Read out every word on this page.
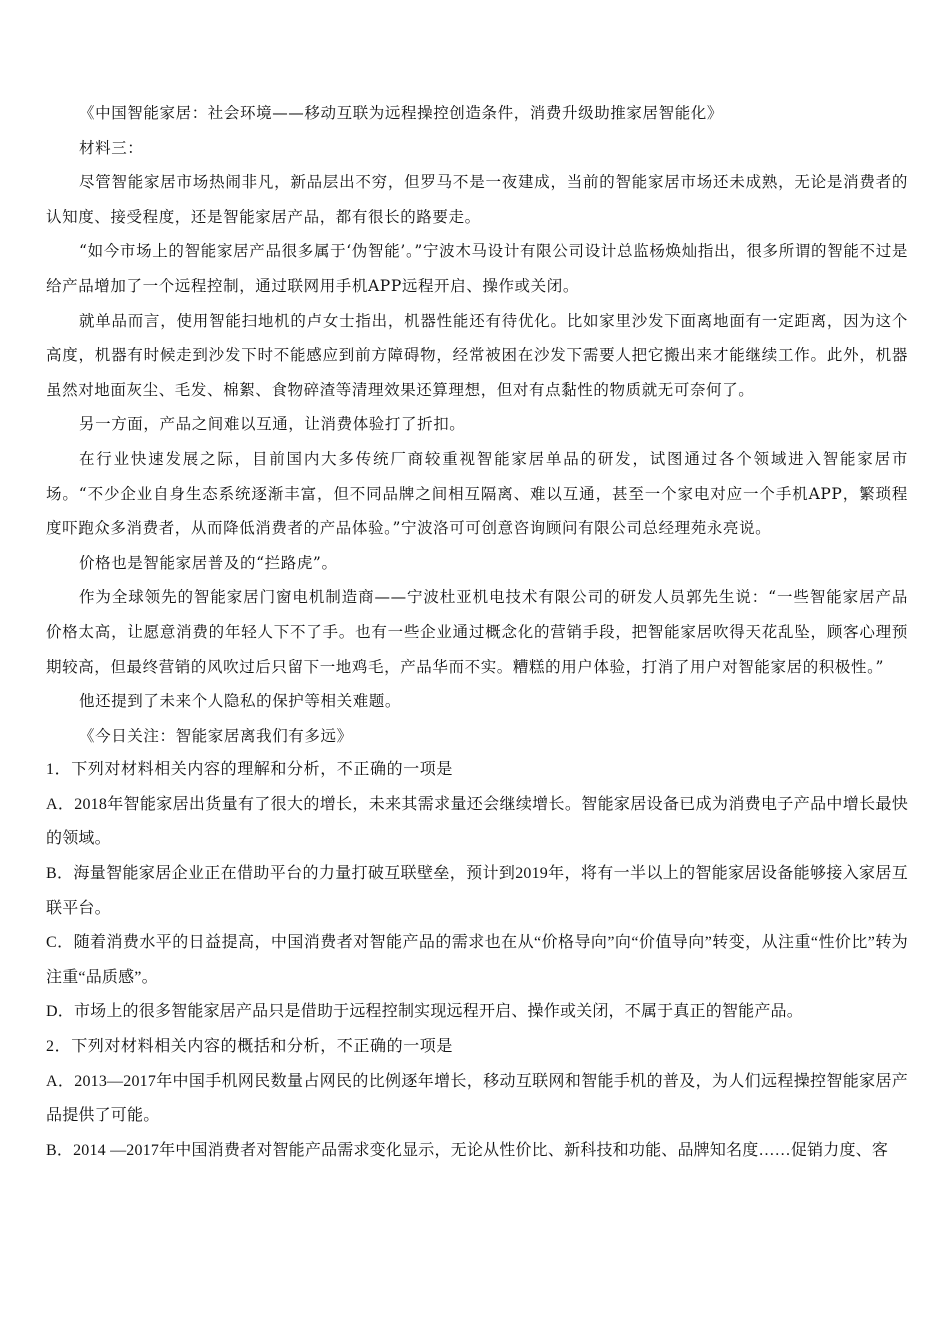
《中国智能家居：社会环境——移动互联为远程操控创造条件，消费升级助推家居智能化》

材料三：

尽管智能家居市场热闹非凡，新品层出不穷，但罗马不是一夜建成，当前的智能家居市场还未成熟，无论是消费者的认知度、接受程度，还是智能家居产品，都有很长的路要走。

“如今市场上的智能家居产品很多属于‘伪智能’。”宁波木马设计有限公司设计总监杨焕灿指出，很多所谓的智能不过是给产品增加了一个远程控制，通过联网用手机APP远程开启、操作或关闭。

就单品而言，使用智能扫地机的卢女士指出，机器性能还有待优化。比如家里沙发下面离地面有一定距离，因为这个高度，机器有时候走到沙发下时不能感应到前方障碍物，经常被困在沙发下需要人把它搬出来才能继续工作。此外，机器虽然对地面灰尘、毛发、棉絮、食物碎渣等清理效果还算理想，但对有点黏性的物质就无可奈何了。

另一方面，产品之间难以互通，让消费体验打了折扣。

在行业快速发展之际，目前国内大多传统厂商较重视智能家居单品的研发，试图通过各个领域进入智能家居市场。“不少企业自身生态系统逐渐丰富，但不同品牌之间相互隔离、难以互通，甚至一个家电对应一个手机APP，繁琐程度吓跑众多消费者，从而降低消费者的产品体验。”宁波洛可可创意咨询顾问有限公司总经理苑永亮说。

价格也是智能家居普及的“拦路虎”。

作为全球领先的智能家居门窗电机制造商——宁波杜亚机电技术有限公司的研发人员郭先生说：“一些智能家居产品价格太高，让愿意消费的年轻人下不了手。也有一些企业通过概念化的营销手段，把智能家居吹得天花乱坠，顾客心理预期较高，但最终营销的风吹过后只留下一地鸡毛，产品华而不实。糟糕的用户体验，打消了用户对智能家居的积极性。”

他还提到了未来个人隐私的保护等相关难题。

《今日关注：智能家居离我们有多远》

1．下列对材料相关内容的理解和分析，不正确的一项是

A．2018年智能家居出货量有了很大的增长，未来其需求量还会继续增长。智能家居设备已成为消费电子产品中增长最快的领域。

B．海量智能家居企业正在借助平台的力量打破互联壁垒，预计到2019年，将有一半以上的智能家居设备能够接入家居互联平台。

C．随着消费水平的日益提高，中国消费者对智能产品的需求也在从“价格导向”向“价值导向”转变，从注重“性价比”转为注重“品质感”。

D．市场上的很多智能家居产品只是借助于远程控制实现远程开启、操作或关闭，不属于真正的智能产品。

2．下列对材料相关内容的概括和分析，不正确的一项是

A．2013—2017年中国手机网民数量占网民的比例逐年增长，移动互联网和智能手机的普及，为人们远程操控智能家居产品提供了可能。

B．2014 —2017年中国消费者对智能产品需求变化显示，无论从性价比、新科技和功能、品牌知名度……促销力度、客
